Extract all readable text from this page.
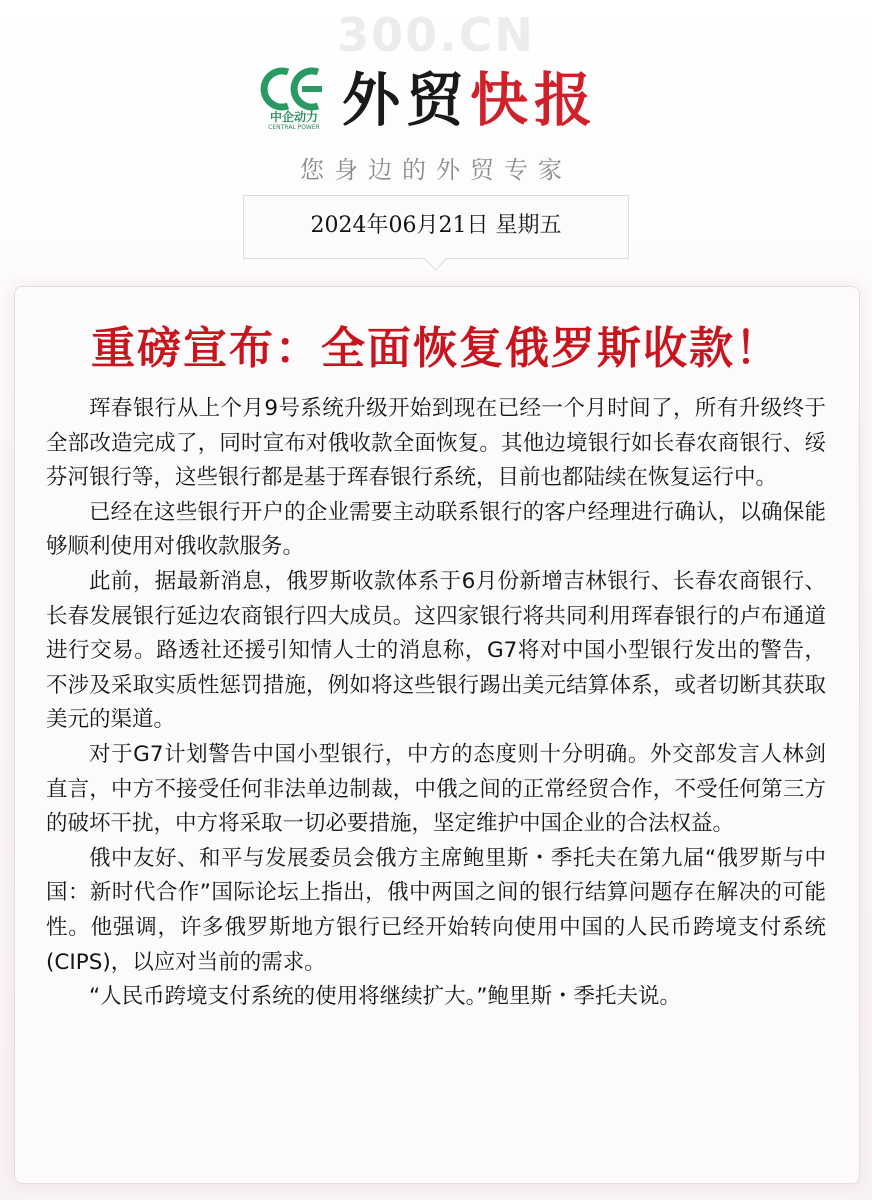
300.CN
中企动力
CENTRAL POWER 外贸快报
您身边的外贸专家
2024年06月21日 星期五
重磅宣布：全面恢复俄罗斯收款！

珲春银行从上个月9号系统升级开始到现在已经一个月时间了，所有升级终于全部改造完成了，同时宣布对俄收款全面恢复。其他边境银行如长春农商银行、绥芬河银行等，这些银行都是基于珲春银行系统，目前也都陆续在恢复运行中。

已经在这些银行开户的企业需要主动联系银行的客户经理进行确认，以确保能够顺利使用对俄收款服务。

此前，据最新消息，俄罗斯收款体系于6月份新增吉林银行、长春农商银行、长春发展银行延边农商银行四大成员。这四家银行将共同利用珲春银行的卢布通道进行交易。路透社还援引知情人士的消息称，G7将对中国小型银行发出的警告，不涉及采取实质性惩罚措施，例如将这些银行踢出美元结算体系，或者切断其获取美元的渠道。

对于G7计划警告中国小型银行，中方的态度则十分明确。外交部发言人林剑直言，中方不接受任何非法单边制裁，中俄之间的正常经贸合作，不受任何第三方的破坏干扰，中方将采取一切必要措施，坚定维护中国企业的合法权益。

俄中友好、和平与发展委员会俄方主席鲍里斯・季托夫在第九届“俄罗斯与中国：新时代合作”国际论坛上指出，俄中两国之间的银行结算问题存在解决的可能性。他强调，许多俄罗斯地方银行已经开始转向使用中国的人民币跨境支付系统(CIPS)，以应对当前的需求。

“人民币跨境支付系统的使用将继续扩大。”鲍里斯・季托夫说。
